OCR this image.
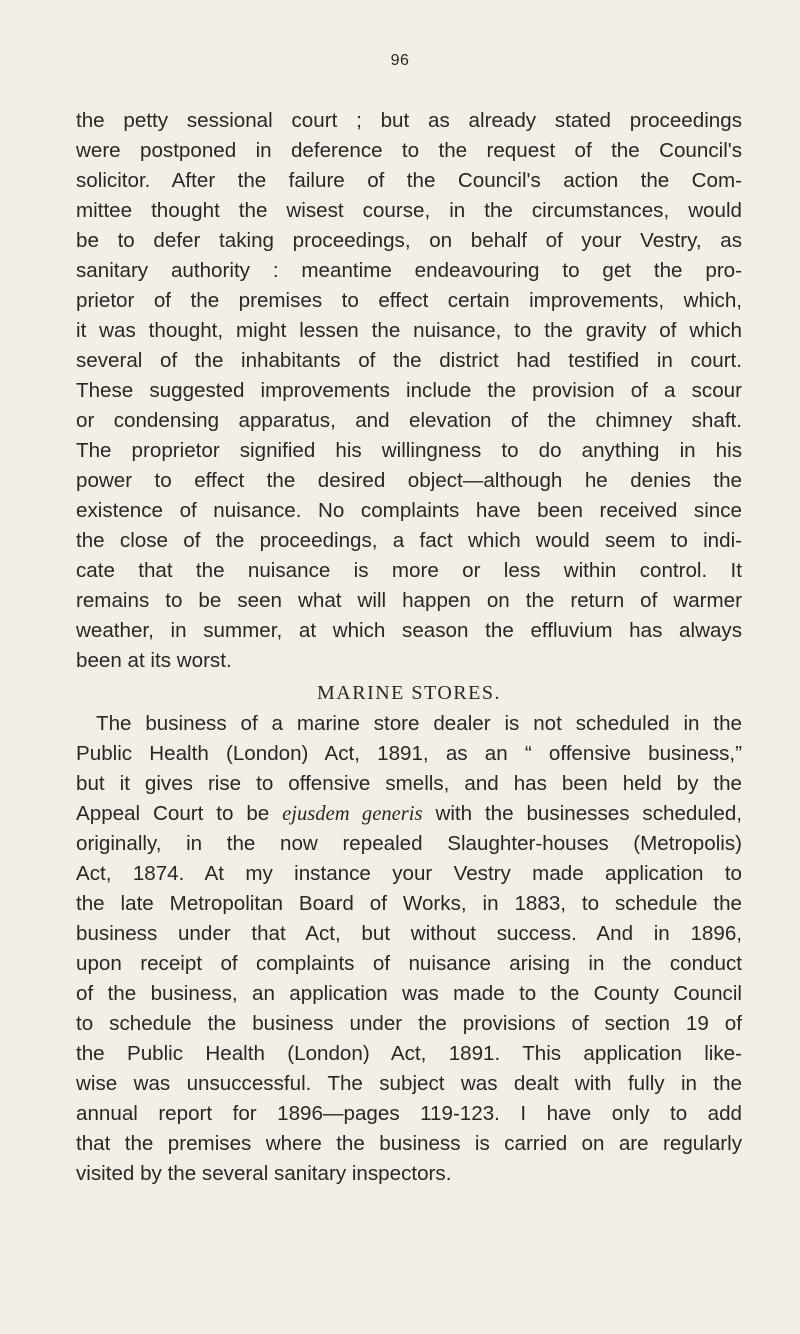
96
the petty sessional court ; but as already stated proceedings
were postponed in deference to the request of the Council's
solicitor. After the failure of the Council's action the Com-
mittee thought the wisest course, in the circumstances, would
be to defer taking proceedings, on behalf of your Vestry, as
sanitary authority : meantime endeavouring to get the pro-
prietor of the premises to effect certain improvements, which,
it was thought, might lessen the nuisance, to the gravity of which
several of the inhabitants of the district had testified in court.
These suggested improvements include the provision of a scour
or condensing apparatus, and elevation of the chimney shaft.
The proprietor signified his willingness to do anything in his
power to effect the desired object—although he denies the
existence of nuisance. No complaints have been received since
the close of the proceedings, a fact which would seem to indi-
cate that the nuisance is more or less within control. It
remains to be seen what will happen on the return of warmer
weather, in summer, at which season the effluvium has always
been at its worst.
MARINE STORES.
The business of a marine store dealer is not scheduled in the
Public Health (London) Act, 1891, as an “ offensive business,”
but it gives rise to offensive smells, and has been held by the
Appeal Court to be ejusdem generis with the businesses scheduled,
originally, in the now repealed Slaughter-houses (Metropolis)
Act, 1874. At my instance your Vestry made application to
the late Metropolitan Board of Works, in 1883, to schedule the
business under that Act, but without success. And in 1896,
upon receipt of complaints of nuisance arising in the conduct
of the business, an application was made to the County Council
to schedule the business under the provisions of section 19 of
the Public Health (London) Act, 1891. This application like-
wise was unsuccessful. The subject was dealt with fully in the
annual report for 1896—pages 119-123. I have only to add
that the premises where the business is carried on are regularly
visited by the several sanitary inspectors.
